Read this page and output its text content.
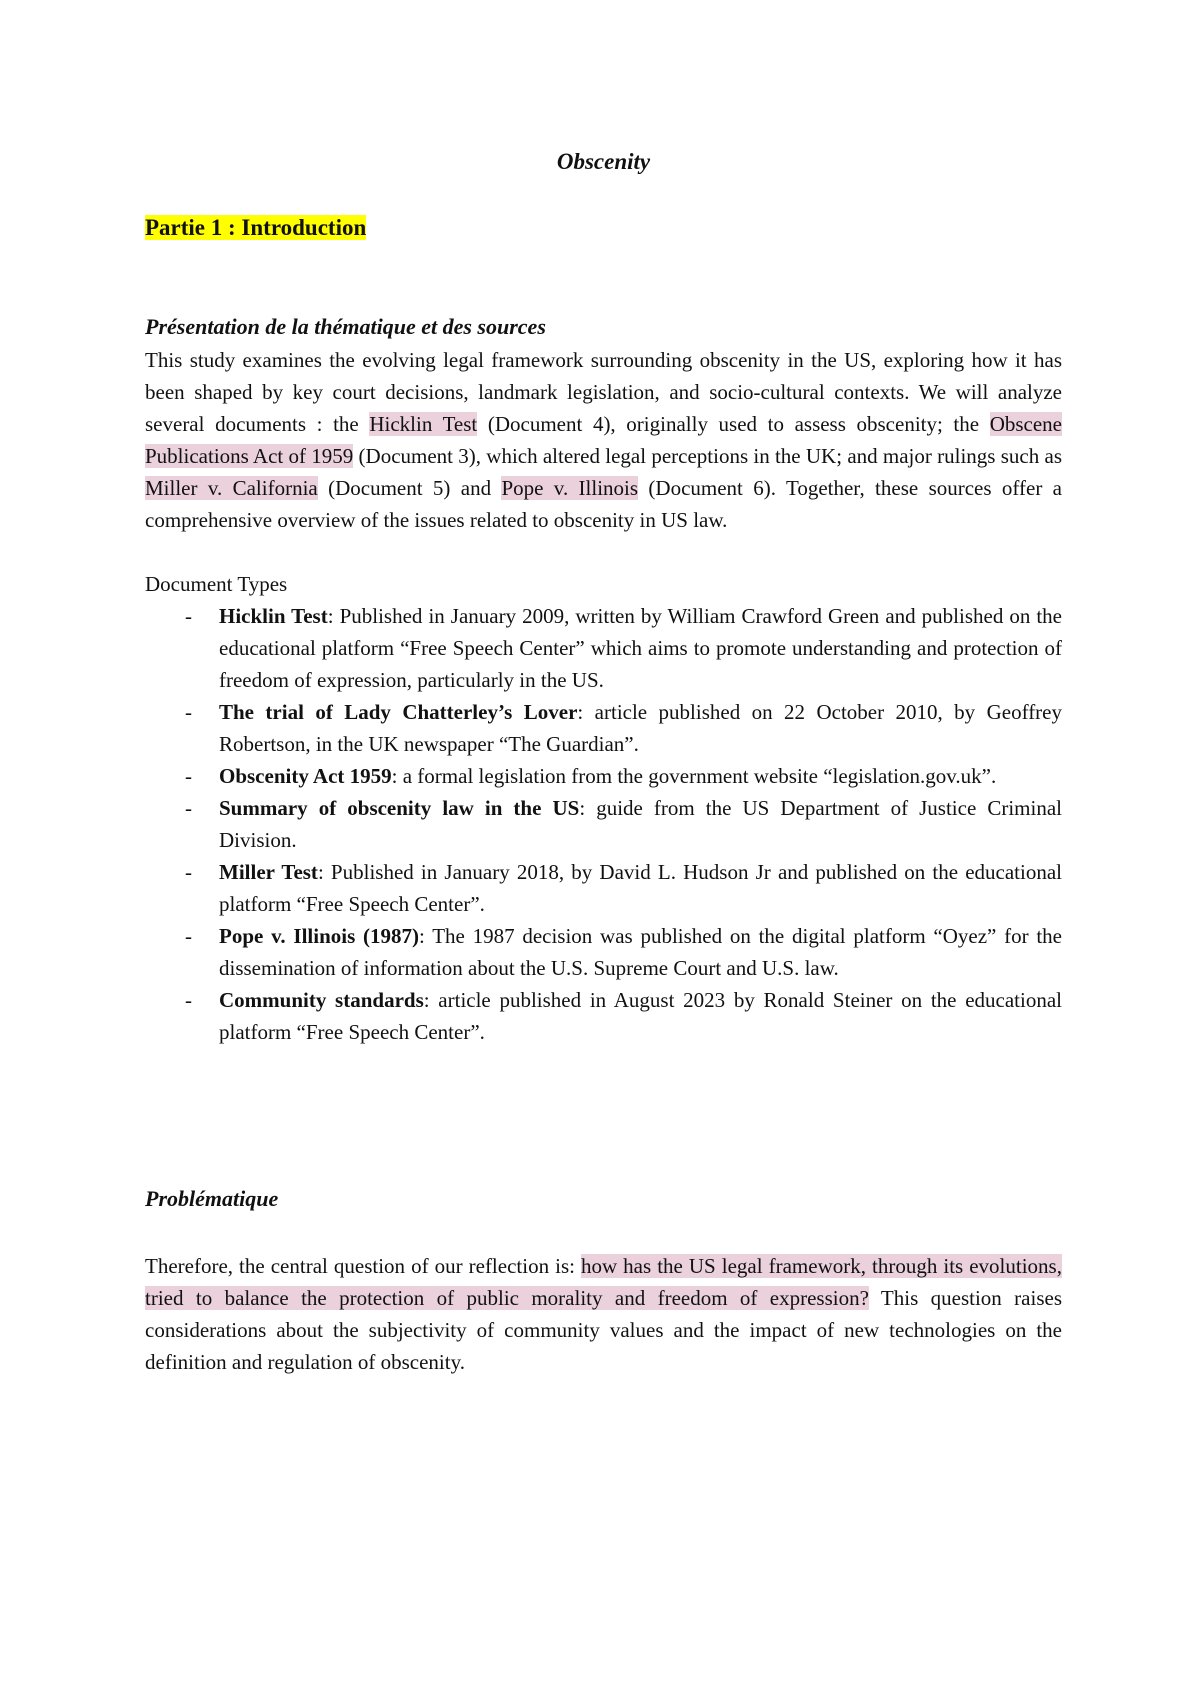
Obscenity
Partie 1 : Introduction
Présentation de la thématique et des sources

This study examines the evolving legal framework surrounding obscenity in the US, exploring how it has been shaped by key court decisions, landmark legislation, and socio-cultural contexts. We will analyze several documents : the Hicklin Test (Document 4), originally used to assess obscenity; the Obscene Publications Act of 1959 (Document 3), which altered legal perceptions in the UK; and major rulings such as Miller v. California (Document 5) and Pope v. Illinois (Document 6). Together, these sources offer a comprehensive overview of the issues related to obscenity in US law.

Document Types
- Hicklin Test: Published in January 2009, written by William Crawford Green and published on the educational platform “Free Speech Center” which aims to promote understanding and protection of freedom of expression, particularly in the US.
- The trial of Lady Chatterley’s Lover: article published on 22 October 2010, by Geoffrey Robertson, in the UK newspaper “The Guardian”.
- Obscenity Act 1959: a formal legislation from the government website “legislation.gov.uk”.
- Summary of obscenity law in the US: guide from the US Department of Justice Criminal Division.
- Miller Test: Published in January 2018, by David L. Hudson Jr and published on the educational platform “Free Speech Center”.
- Pope v. Illinois (1987): The 1987 decision was published on the digital platform “Oyez” for the dissemination of information about the U.S. Supreme Court and U.S. law.
- Community standards: article published in August 2023 by Ronald Steiner on the educational platform “Free Speech Center”.
Problématique

Therefore, the central question of our reflection is: how has the US legal framework, through its evolutions, tried to balance the protection of public morality and freedom of expression? This question raises considerations about the subjectivity of community values and the impact of new technologies on the definition and regulation of obscenity.
